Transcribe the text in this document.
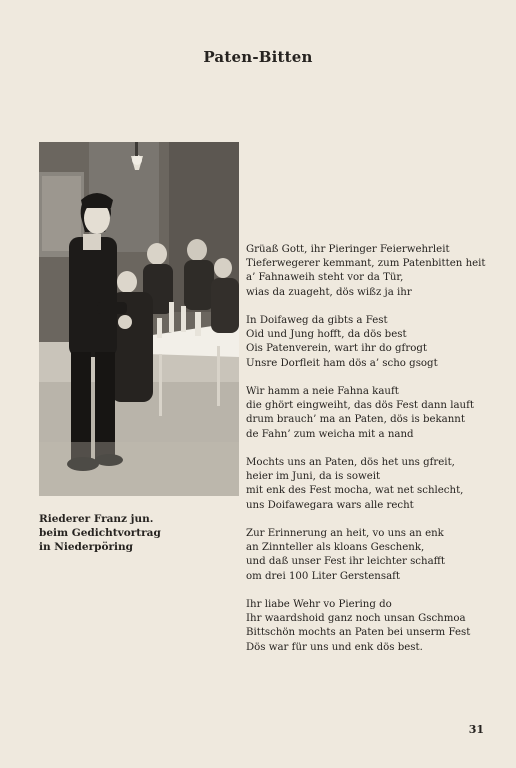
Paten-Bitten
Riederer Franz jun.
beim Gedichtvortrag
in Niederpöring
Grüaß Gott, ihr Pieringer Feierwehrleit
Tieferwegerer kemmant, zum Patenbitten heit
a’ Fahnaweih steht vor da Tür,
wias da zuageht, dös wißz ja ihr
In Doifaweg da gibts a Fest
Oid und Jung hofft, da dös best
Ois Patenverein, wart ihr do gfrogt
Unsre Dorfleit ham dös a’ scho gsogt
Wir hamm a neie Fahna kauft
die ghört eingweiht, das dös Fest dann lauft
drum brauch’ ma an Paten, dös is bekannt
de Fahn’ zum weicha mit a nand
Mochts uns an Paten, dös het uns gfreit,
heier im Juni, da is soweit
mit enk des Fest mocha, wat net schlecht,
uns Doifawegara wars alle recht
Zur Erinnerung an heit, vo uns an enk
an Zinnteller als kloans Geschenk,
und daß unser Fest ihr leichter schafft
om drei 100 Liter Gerstensaft
Ihr liabe Wehr vo Piering do
Ihr waardshoid ganz noch unsan Gschmoa
Bittschön mochts an Paten bei unserm Fest
Dös war für uns und enk dös best.
31
